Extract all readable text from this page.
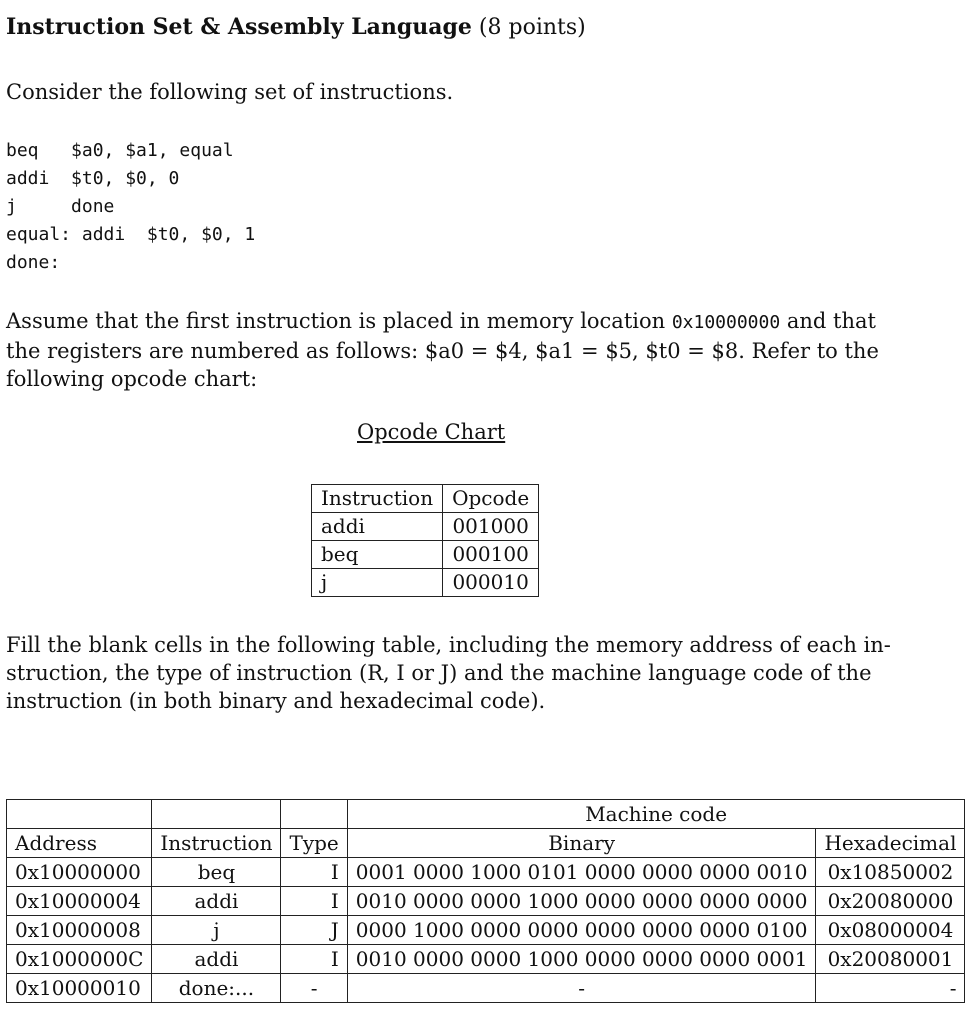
Instruction Set & Assembly Language (8 points)
Consider the following set of instructions.
beq   $a0, $a1, equal
addi  $t0, $0, 0
j     done
equal: addi  $t0, $0, 1
done:
Assume that the first instruction is placed in memory location 0x10000000 and that
the registers are numbered as follows: $a0 = $4, $a1 = $5, $t0 = $8. Refer to the
following opcode chart:
Opcode Chart
Instruction	Opcode
addi	001000
beq	000100
j	000010
Fill the blank cells in the following table, including the memory address of each in-
struction, the type of instruction (R, I or J) and the machine language code of the
instruction (in both binary and hexadecimal code).
			Machine code	
Address	Instruction	Type	Binary	Hexadecimal
0x10000000	beq	I	0001 0000 1000 0101 0000 0000 0000 0010	0x10850002
0x10000004	addi	I	0010 0000 0000 1000 0000 0000 0000 0000	0x20080000
0x10000008	j	J	0000 1000 0000 0000 0000 0000 0000 0100	0x08000004
0x1000000C	addi	I	0010 0000 0000 1000 0000 0000 0000 0001	0x20080001
0x10000010	done:...	-	-	-
